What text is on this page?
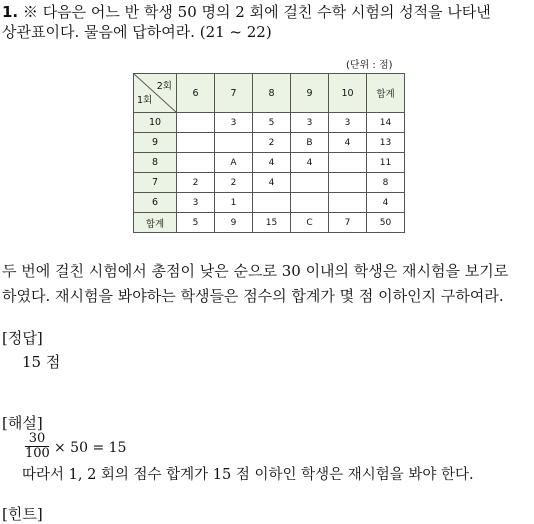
1. ※ 다음은 어느 반 학생 50 명의 2 회에 걸친 수학 시험의 성적을 나타낸
상관표이다. 물음에 답하여라. (21 ~ 22)
(단위 : 점)
2회
1회	6	7	8	9	10	합계
10		3	5	3	3	14
9			2	B	4	13
8		A	4	4		11
7	2	2	4			8
6	3	1				4
합계	5	9	15	C	7	50
두 번에 걸친 시험에서 총점이 낮은 순으로 30 이내의 학생은 재시험을 보기로
하였다. 재시험을 봐야하는 학생들은 점수의 합계가 몇 점 이하인지 구하여라.
[정답]
15 점
[해설]
30
100 × 50 = 15
따라서 1, 2 회의 점수 합계가 15 점 이하인 학생은 재시험을 봐야 한다.
[힌트]
